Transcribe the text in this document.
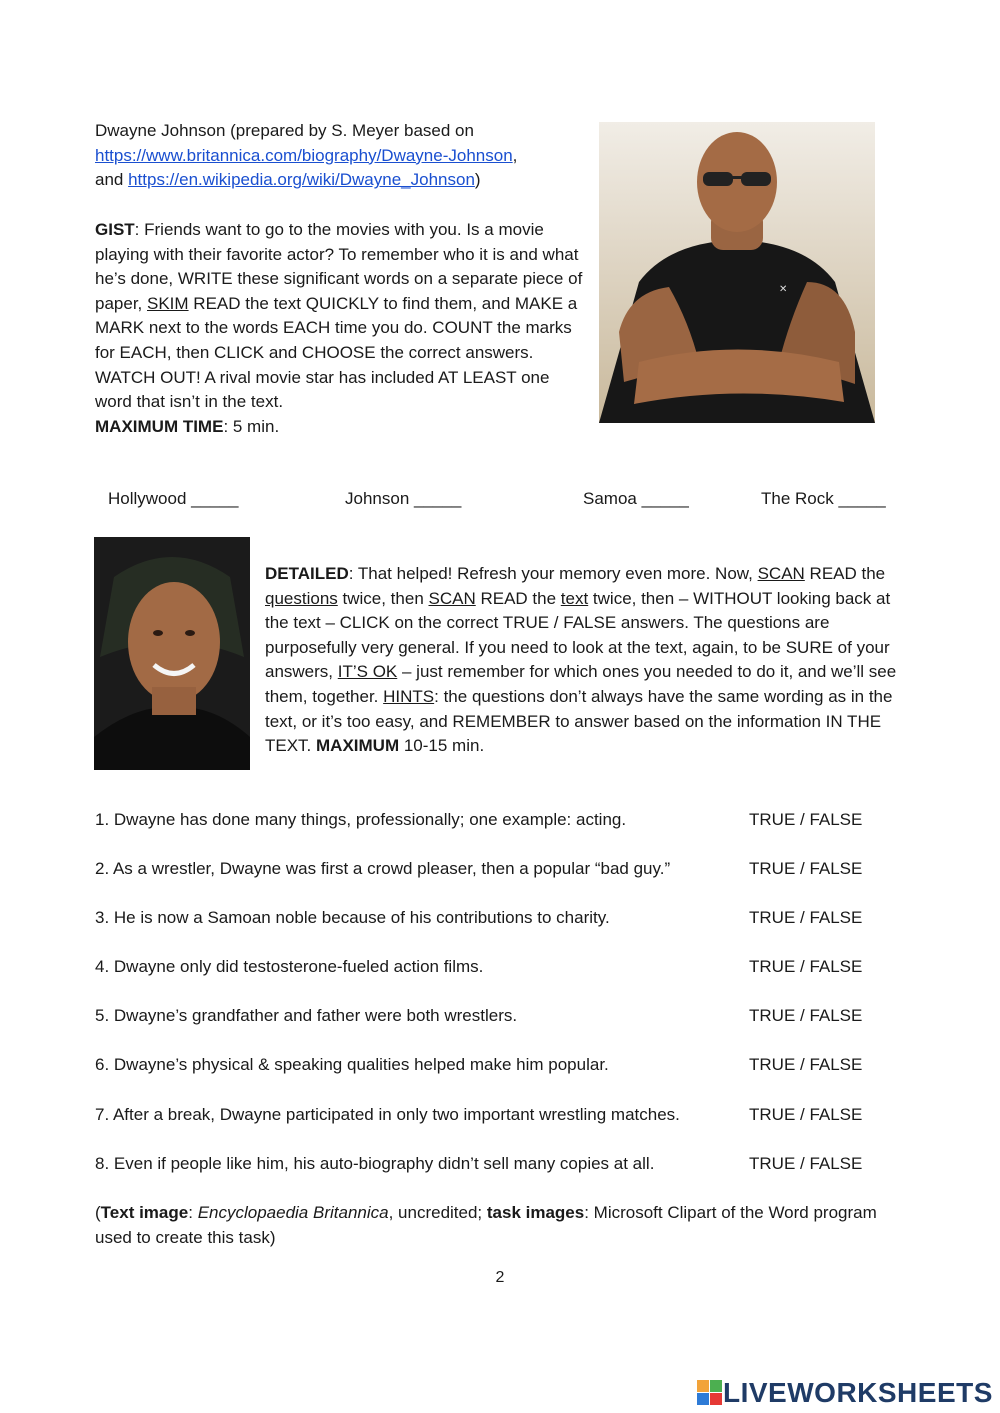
Dwayne Johnson (prepared by S. Meyer based on
https://www.britannica.com/biography/Dwayne-Johnson,
and https://en.wikipedia.org/wiki/Dwayne_Johnson)
GIST: Friends want to go to the movies with you. Is a movie playing with their favorite actor? To remember who it is and what he’s done, WRITE these significant words on a separate piece of paper, SKIM READ the text QUICKLY to find them, and MAKE a MARK next to the words EACH time you do. COUNT the marks for EACH, then CLICK and CHOOSE the correct answers. WATCH OUT! A rival movie star has included AT LEAST one word that isn’t in the text.
MAXIMUM TIME: 5 min.
✕
Hollywood _____	Johnson _____	Samoa _____	The Rock _____
DETAILED: That helped! Refresh your memory even more. Now, SCAN READ the questions twice, then SCAN READ the text twice, then – WITHOUT looking back at the text – CLICK on the correct TRUE / FALSE answers. The questions are purposefully very general. If you need to look at the text, again, to be SURE of your answers, IT’S OK – just remember for which ones you needed to do it, and we’ll see them, together. HINTS: the questions don’t always have the same wording as in the text, or it’s too easy, and REMEMBER to answer based on the information IN THE TEXT. MAXIMUM 10-15 min.
1. Dwayne has done many things, professionally; one example: acting.	TRUE / FALSE
2. As a wrestler, Dwayne was first a crowd pleaser, then a popular “bad guy.”	TRUE / FALSE
3. He is now a Samoan noble because of his contributions to charity.	TRUE / FALSE
4. Dwayne only did testosterone-fueled action films.	TRUE / FALSE
5. Dwayne’s grandfather and father were both wrestlers.	TRUE / FALSE
6. Dwayne’s physical & speaking qualities helped make him popular.	TRUE / FALSE
7. After a break, Dwayne participated in only two important wrestling matches.	TRUE / FALSE
8. Even if people like him, his auto-biography didn’t sell many copies at all.	TRUE / FALSE
(Text image: Encyclopaedia Britannica, uncredited; task images: Microsoft Clipart of the Word program used to create this task)
2
LIVEWORKSHEETS
